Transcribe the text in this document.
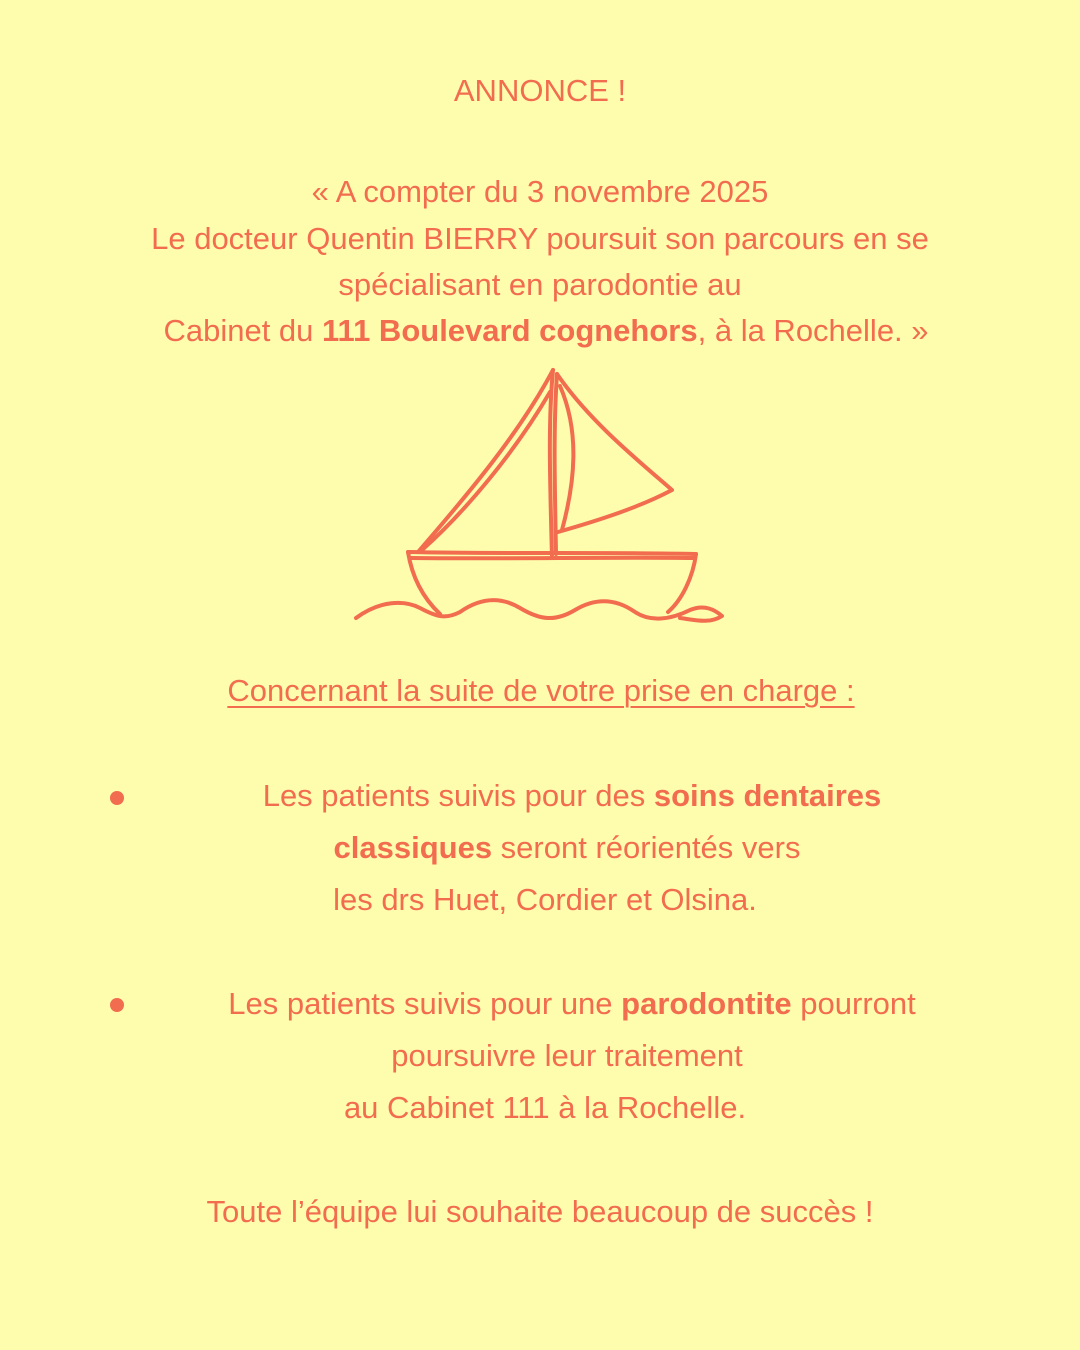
ANNONCE !
« A compter du 3 novembre 2025
Le docteur Quentin BIERRY poursuit son parcours en se
spécialisant en parodontie au
Cabinet du 111 Boulevard cognehors, à la Rochelle. »
Concernant la suite de votre prise en charge :
Les patients suivis pour des soins dentaires
classiques seront réorientés vers
les drs Huet, Cordier et Olsina.
Les patients suivis pour une parodontite pourront
poursuivre leur traitement
au Cabinet 111 à la Rochelle.
Toute l’équipe lui souhaite beaucoup de succès !
